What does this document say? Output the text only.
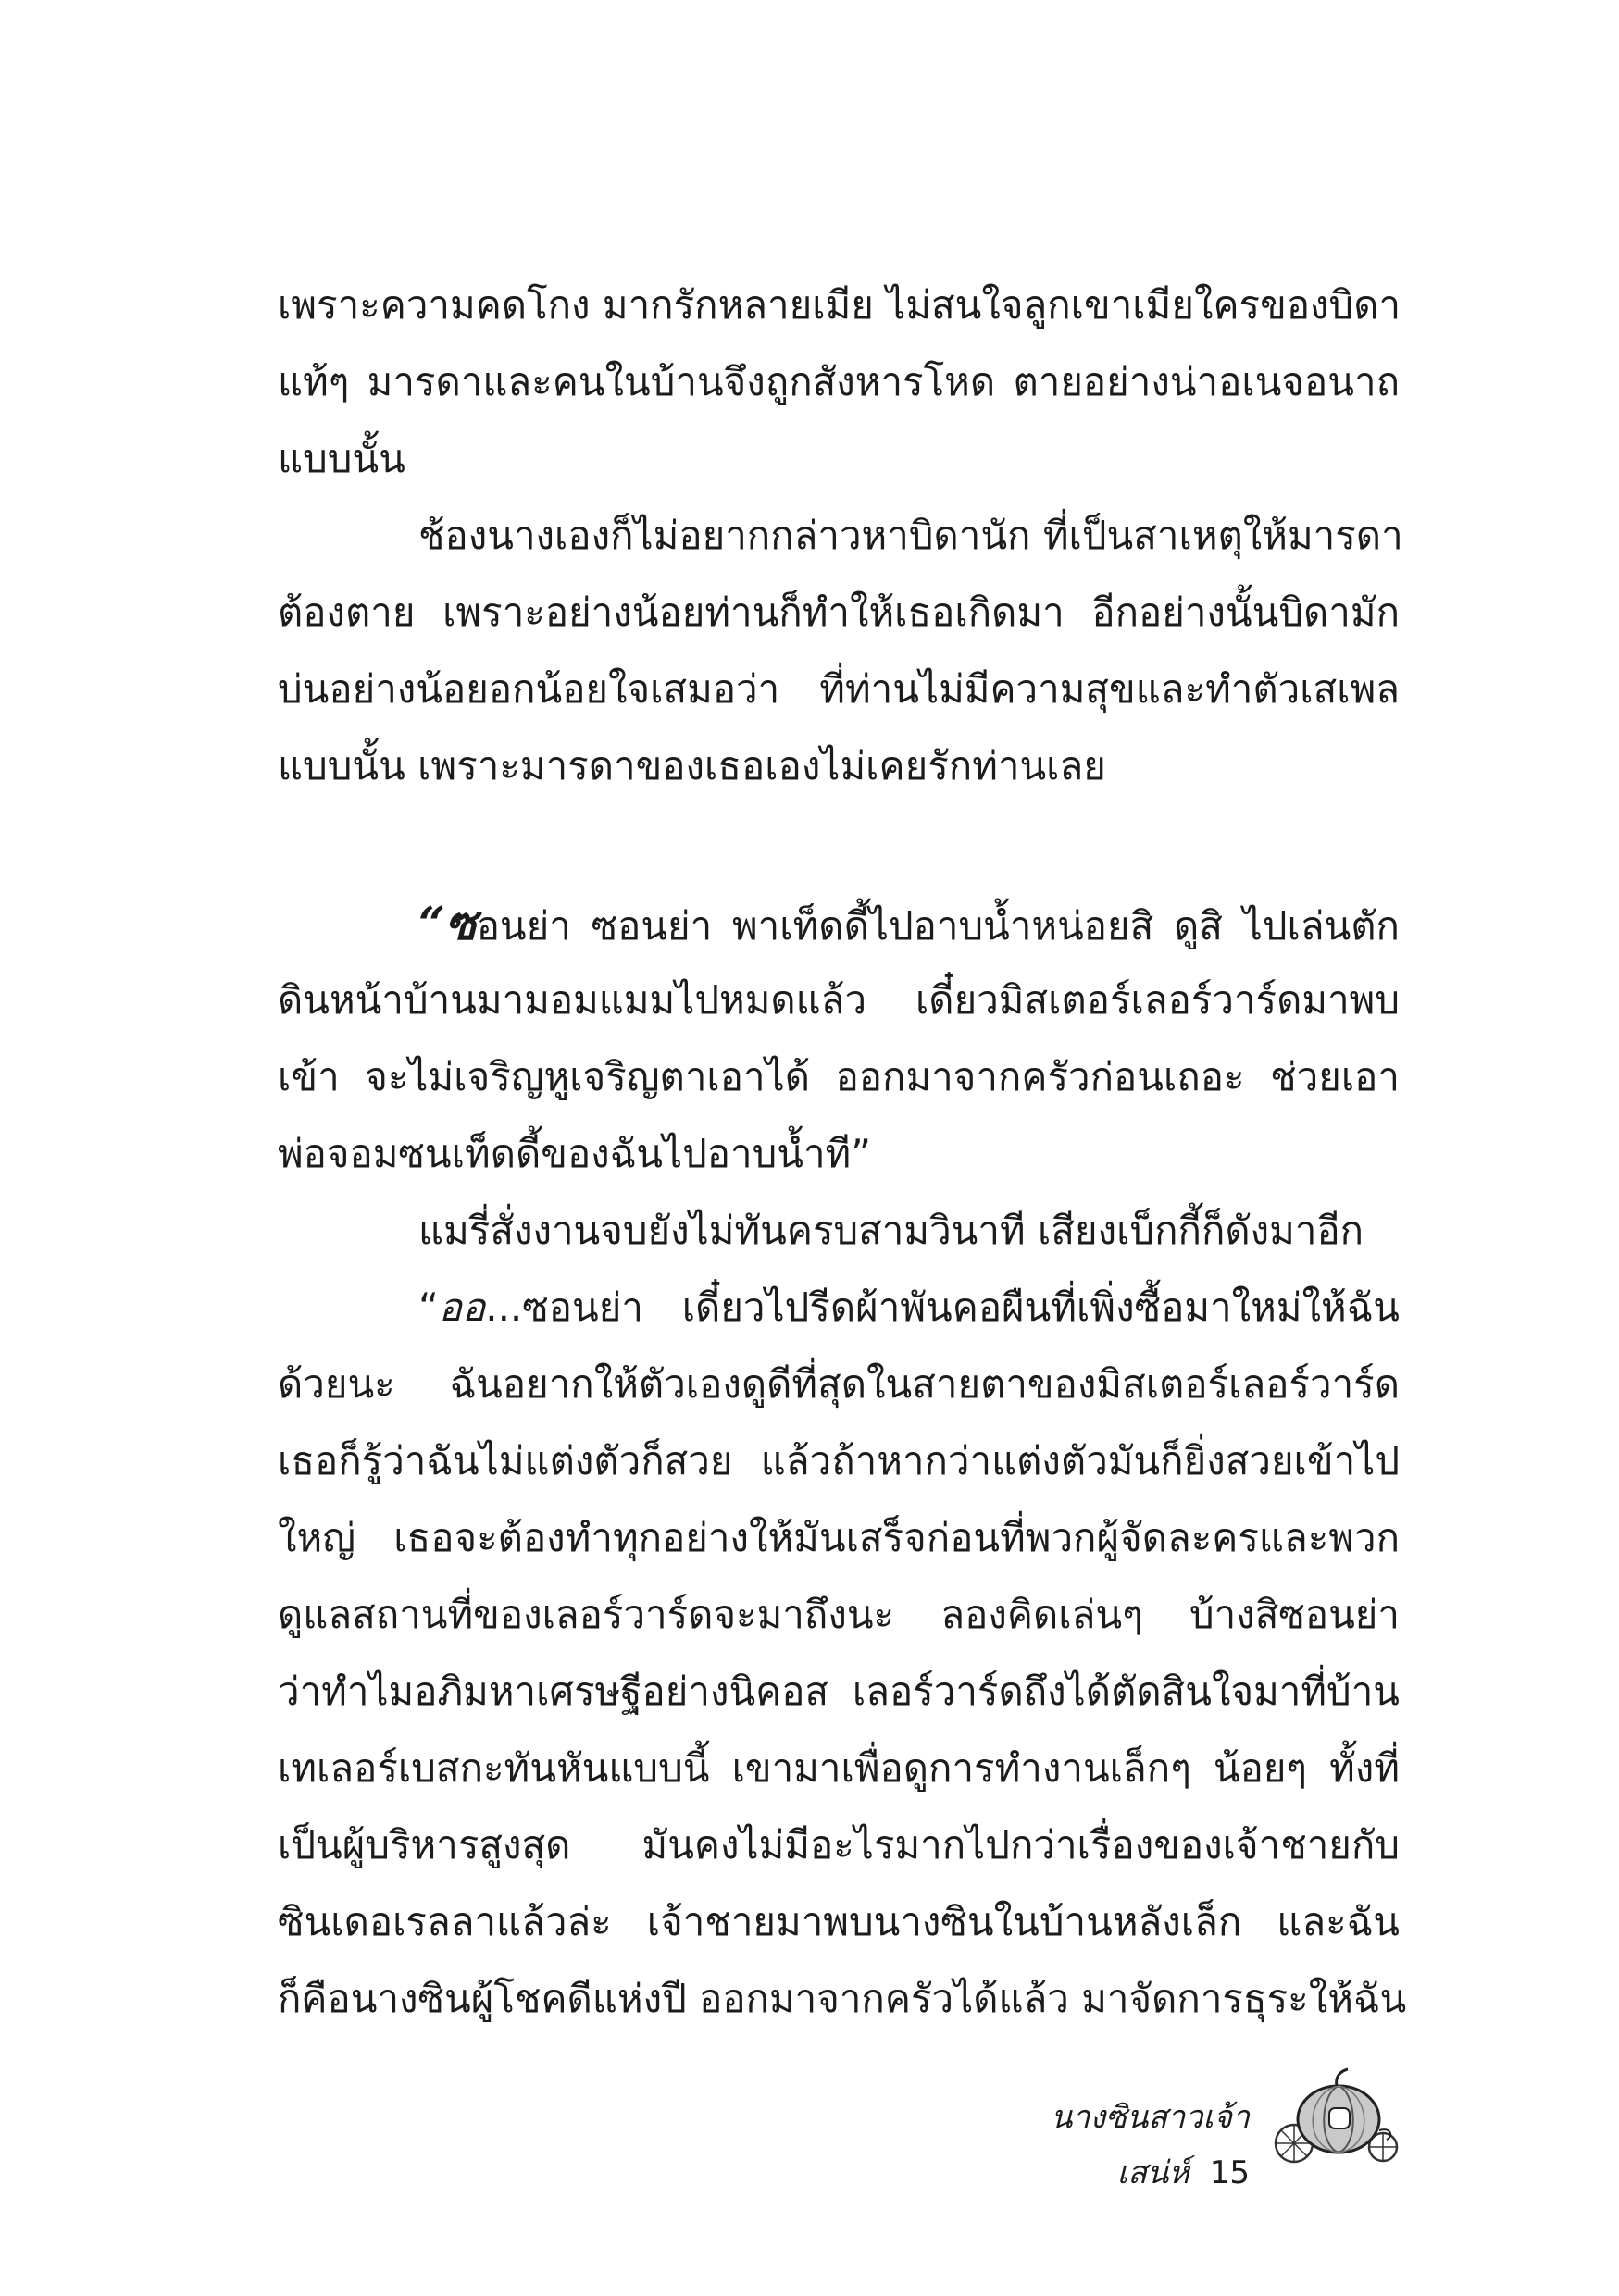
เพราะความคดโกง มากรักหลายเมีย ไม่สนใจลูกเขาเมียใครของบิดา
แท้ๆ มารดาและคนในบ้านจึงถูกสังหารโหด ตายอย่างน่าอเนจอนาถ
แบบนั้น
ช้องนางเองก็ไม่อยากกล่าวหาบิดานัก ที่เป็นสาเหตุให้มารดา
ต้องตาย เพราะอย่างน้อยท่านก็ทำให้เธอเกิดมา อีกอย่างนั้นบิดามัก
บ่นอย่างน้อยอกน้อยใจเสมอว่า ที่ท่านไม่มีความสุขและทำตัวเสเพล
แบบนั้น เพราะมารดาของเธอเองไม่เคยรักท่านเลย
“ซอนย่า ซอนย่า พาเท็ดดี้ไปอาบน้ำหน่อยสิ ดูสิ ไปเล่นตัก
ดินหน้าบ้านมามอมแมมไปหมดแล้ว เดี๋ยวมิสเตอร์เลอร์วาร์ดมาพบ
เข้า จะไม่เจริญหูเจริญตาเอาได้ ออกมาจากครัวก่อนเถอะ ช่วยเอา
พ่อจอมซนเท็ดดี้ของฉันไปอาบน้ำที”
แมรี่สั่งงานจบยังไม่ทันครบสามวินาที เสียงเบ็กกี้ก็ดังมาอีก
“ออ...ซอนย่า เดี๋ยวไปรีดผ้าพันคอผืนที่เพิ่งซื้อมาใหม่ให้ฉัน
ด้วยนะ ฉันอยากให้ตัวเองดูดีที่สุดในสายตาของมิสเตอร์เลอร์วาร์ด
เธอก็รู้ว่าฉันไม่แต่งตัวก็สวย แล้วถ้าหากว่าแต่งตัวมันก็ยิ่งสวยเข้าไป
ใหญ่ เธอจะต้องทำทุกอย่างให้มันเสร็จก่อนที่พวกผู้จัดละครและพวก
ดูแลสถานที่ของเลอร์วาร์ดจะมาถึงนะ ลองคิดเล่นๆ บ้างสิซอนย่า
ว่าทำไมอภิมหาเศรษฐีอย่างนิคอส เลอร์วาร์ดถึงได้ตัดสินใจมาที่บ้าน
เทเลอร์เบสกะทันหันแบบนี้ เขามาเพื่อดูการทำงานเล็กๆ น้อยๆ ทั้งที่
เป็นผู้บริหารสูงสุด มันคงไม่มีอะไรมากไปกว่าเรื่องของเจ้าชายกับ
ซินเดอเรลลาแล้วล่ะ เจ้าชายมาพบนางซินในบ้านหลังเล็ก และฉัน
ก็คือนางซินผู้โชคดีแห่งปี ออกมาจากครัวได้แล้ว มาจัดการธุระให้ฉัน
นางซินสาวเจ้าเสน่ห์ 15
